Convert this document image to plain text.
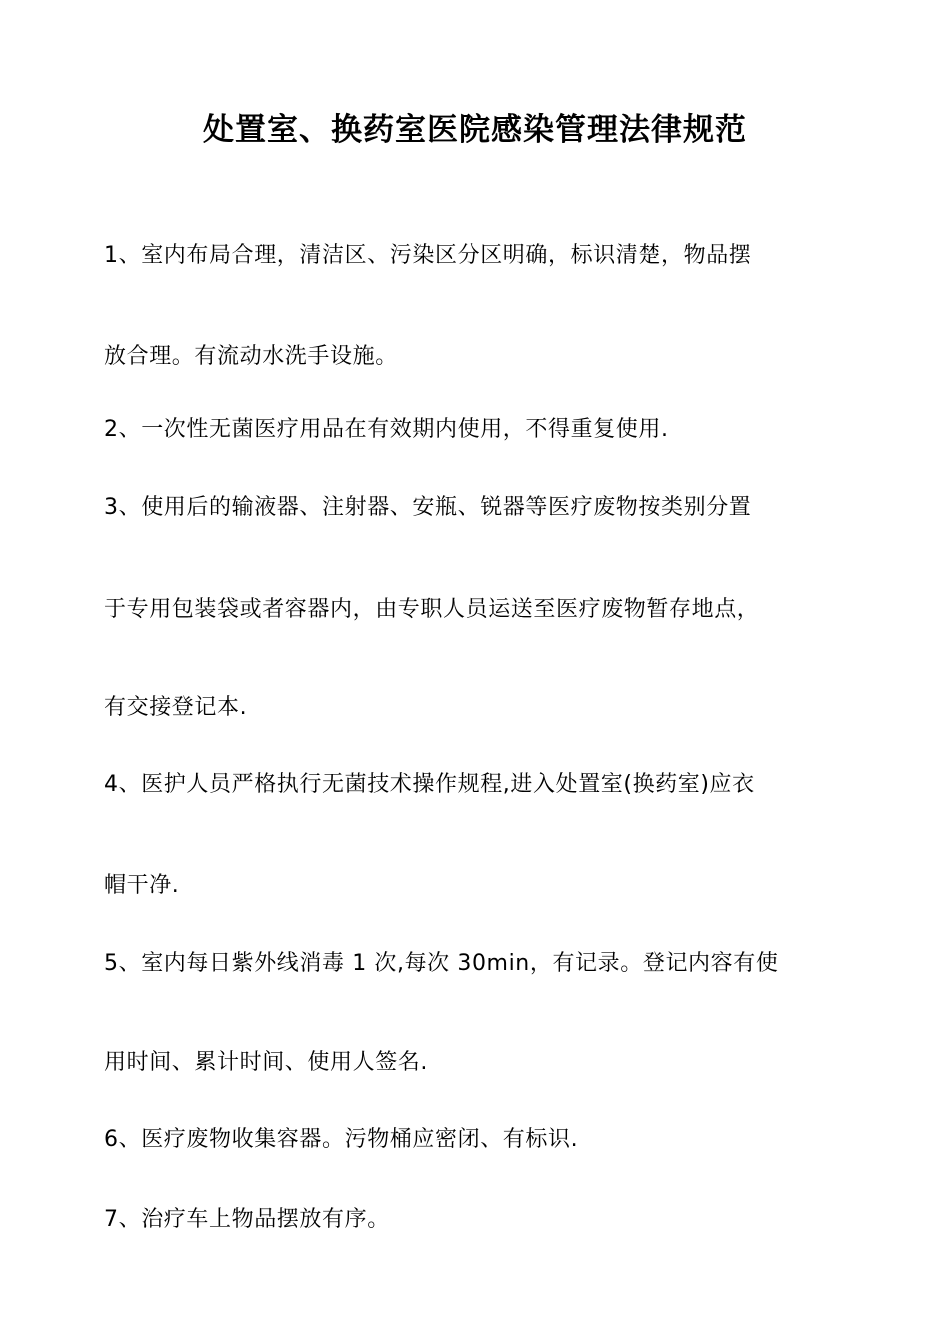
处置室、换药室医院感染管理法律规范
1、室内布局合理，清洁区、污染区分区明确，标识清楚，物品摆
放合理。有流动水洗手设施。
2、一次性无菌医疗用品在有效期内使用，不得重复使用.
3、使用后的输液器、注射器、安瓶、锐器等医疗废物按类别分置
于专用包装袋或者容器内，由专职人员运送至医疗废物暂存地点，
有交接登记本.
4、医护人员严格执行无菌技术操作规程,进入处置室(换药室)应衣
帽干净.
5、室内每日紫外线消毒 1 次,每次 30min，有记录。登记内容有使
用时间、累计时间、使用人签名.
6、医疗废物收集容器。污物桶应密闭、有标识.
7、治疗车上物品摆放有序。
